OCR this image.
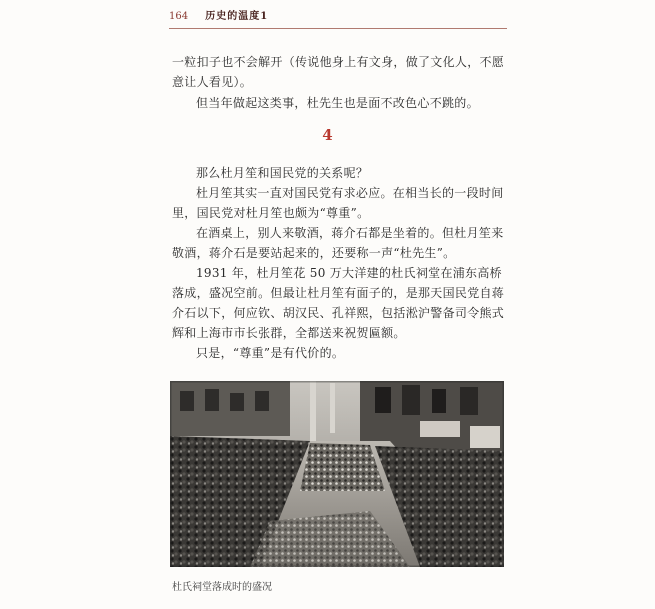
164 历史的温度1
一粒扣子也不会解开（传说他身上有文身，做了文化人，不愿意让人看见）。
但当年做起这类事，杜先生也是面不改色心不跳的。
4

那么杜月笙和国民党的关系呢？

杜月笙其实一直对国民党有求必应。在相当长的一段时间里，国民党对杜月笙也颇为“尊重”。

在酒桌上，别人来敬酒，蒋介石都是坐着的。但杜月笙来敬酒，蒋介石是要站起来的，还要称一声“杜先生”。

1931 年，杜月笙花 50 万大洋建的杜氏祠堂在浦东高桥落成，盛况空前。但最让杜月笙有面子的，是那天国民党自蒋介石以下，何应钦、胡汉民、孔祥熙，包括淞沪警备司令熊式辉和上海市市长张群，全都送来祝贺匾额。

只是，“尊重”是有代价的。

杜氏祠堂落成时的盛况
